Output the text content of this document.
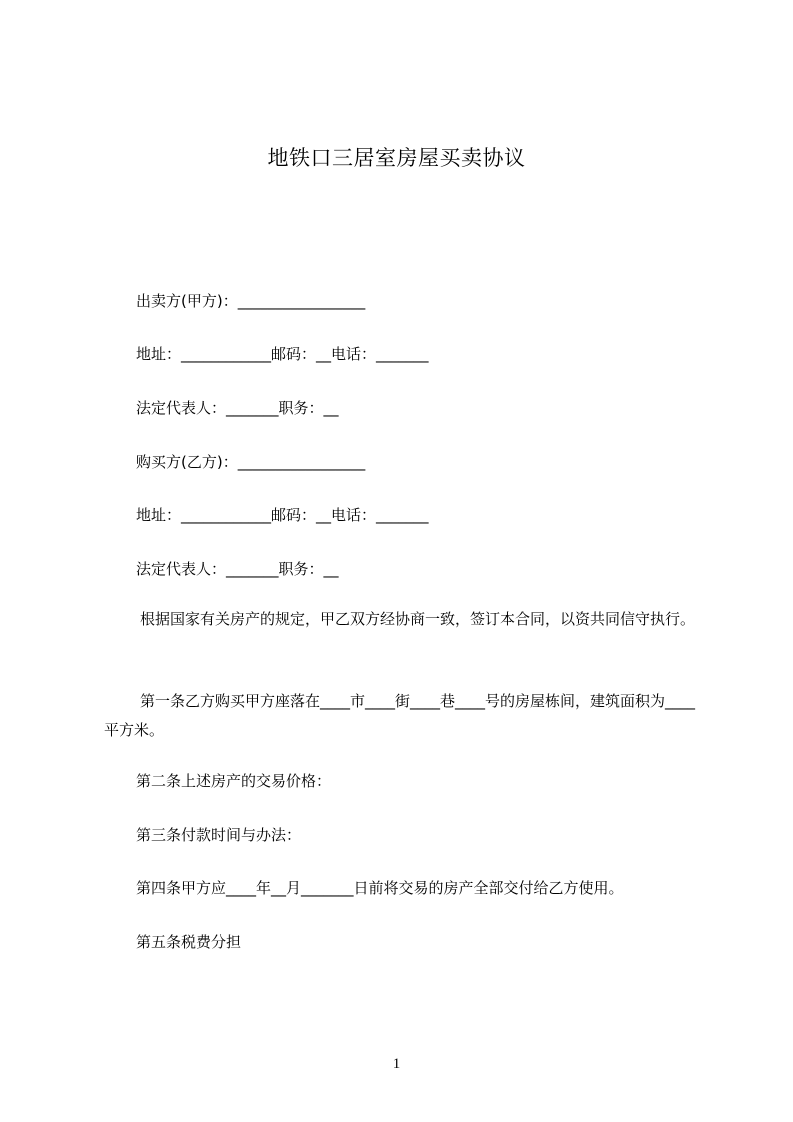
地铁口三居室房屋买卖协议
出卖方(甲方)：_________________
地址：____________邮码：__电话：_______
法定代表人：_______职务：__
购买方(乙方)：_________________
地址：____________邮码：__电话：_______
法定代表人：_______职务：__
根据国家有关房产的规定，甲乙双方经协商一致，签订本合同，以资共同信守执行。
第一条乙方购买甲方座落在____市____街____巷____号的房屋栋间，建筑面积为____平方米。
第二条上述房产的交易价格：
第三条付款时间与办法：
第四条甲方应____年__月_______日前将交易的房产全部交付给乙方使用。
第五条税费分担
1
